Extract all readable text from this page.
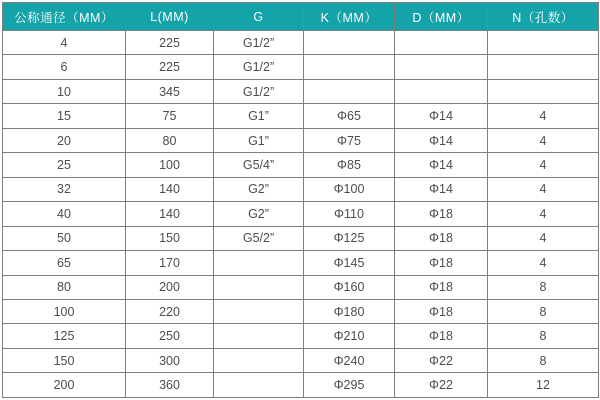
公称通径（MM）	L(MM)	G	K（MM）	D（MM）	N（孔数）
4	225	G1/2”			
6	225	G1/2”			
10	345	G1/2”			
15	75	G1”	Φ65	Φ14	4
20	80	G1”	Φ75	Φ14	4
25	100	G5/4”	Φ85	Φ14	4
32	140	G2”	Φ100	Φ14	4
40	140	G2”	Φ110	Φ18	4
50	150	G5/2”	Φ125	Φ18	4
65	170		Φ145	Φ18	4
80	200		Φ160	Φ18	8
100	220		Φ180	Φ18	8
125	250		Φ210	Φ18	8
150	300		Φ240	Φ22	8
200	360		Φ295	Φ22	12
